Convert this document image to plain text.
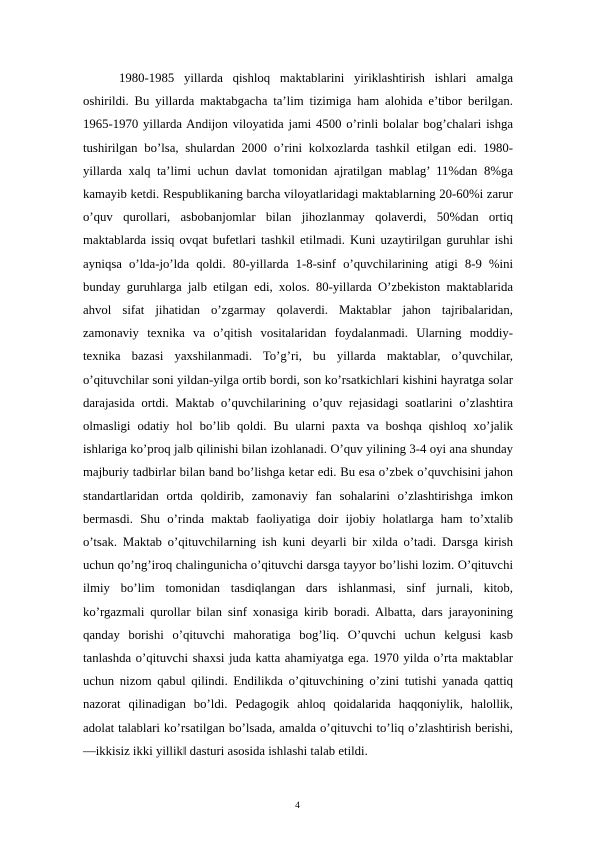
1980-1985 yillarda qishloq maktablarini yiriklashtirish ishlari amalga oshirildi. Bu yillarda maktabgacha ta’lim tizimiga ham alohida e’tibor berilgan. 1965-1970 yillarda Andijon viloyatida jami 4500 o’rinli bolalar bog’chalari ishga tushirilgan bo’lsa, shulardan 2000 o’rini kolxozlarda tashkil etilgan edi. 1980-yillarda xalq ta’limi uchun davlat tomonidan ajratilgan mablag’ 11%dan 8%ga kamayib ketdi. Respublikaning barcha viloyatlaridagi maktablarning 20-60%i zarur o’quv qurollari, asbobanjomlar bilan jihozlanmay qolaverdi, 50%dan ortiq maktablarda issiq ovqat bufetlari tashkil etilmadi. Kuni uzaytirilgan guruhlar ishi ayniqsa o’lda-jo’lda qoldi. 80-yillarda 1-8-sinf o’quvchilarining atigi 8-9 %ini bunday guruhlarga jalb etilgan edi, xolos. 80-yillarda O’zbekiston maktablarida ahvol sifat jihatidan o’zgarmay qolaverdi. Maktablar jahon tajribalaridan, zamonaviy texnika va o’qitish vositalaridan foydalanmadi. Ularning moddiy-texnika bazasi yaxshilanmadi. To’g’ri, bu yillarda maktablar, o’quvchilar, o’qituvchilar soni yildan-yilga ortib bordi, son ko’rsatkichlari kishini hayratga solar darajasida ortdi. Maktab o’quvchilarining o’quv rejasidagi soatlarini o’zlashtira olmasligi odatiy hol bo’lib qoldi. Bu ularni paxta va boshqa qishloq xo’jalik ishlariga ko’proq jalb qilinishi bilan izohlanadi. O’quv yilining 3-4 oyi ana shunday majburiy tadbirlar bilan band bo’lishga ketar edi. Bu esa o’zbek o’quvchisini jahon standartlaridan ortda qoldirib, zamonaviy fan sohalarini o’zlashtirishga imkon bermasdi. Shu o’rinda maktab faoliyatiga doir ijobiy holatlarga ham to’xtalib o’tsak. Maktab o’qituvchilarning ish kuni deyarli bir xilda o’tadi. Darsga kirish uchun qo’ng’iroq chalingunicha o’qituvchi darsga tayyor bo’lishi lozim. O’qituvchi ilmiy bo’lim tomonidan tasdiqlangan dars ishlanmasi, sinf jurnali, kitob, ko’rgazmali qurollar bilan sinf xonasiga kirib boradi. Albatta, dars jarayonining qanday borishi o’qituvchi mahoratiga bog’liq. O’quvchi uchun kelgusi kasb tanlashda o’qituvchi shaxsi juda katta ahamiyatga ega. 1970 yilda o’rta maktablar uchun nizom qabul qilindi. Endilikda o’qituvchining o’zini tutishi yanada qattiq nazorat qilinadigan bo’ldi. Pedagogik ahloq qoidalarida haqqoniylik, halollik, adolat talablari ko’rsatilgan bo’lsada, amalda o’qituvchi to’liq o’zlashtirish berishi, ―ikkisiz ikki yillik‖ dasturi asosida ishlashi talab etildi.

4
